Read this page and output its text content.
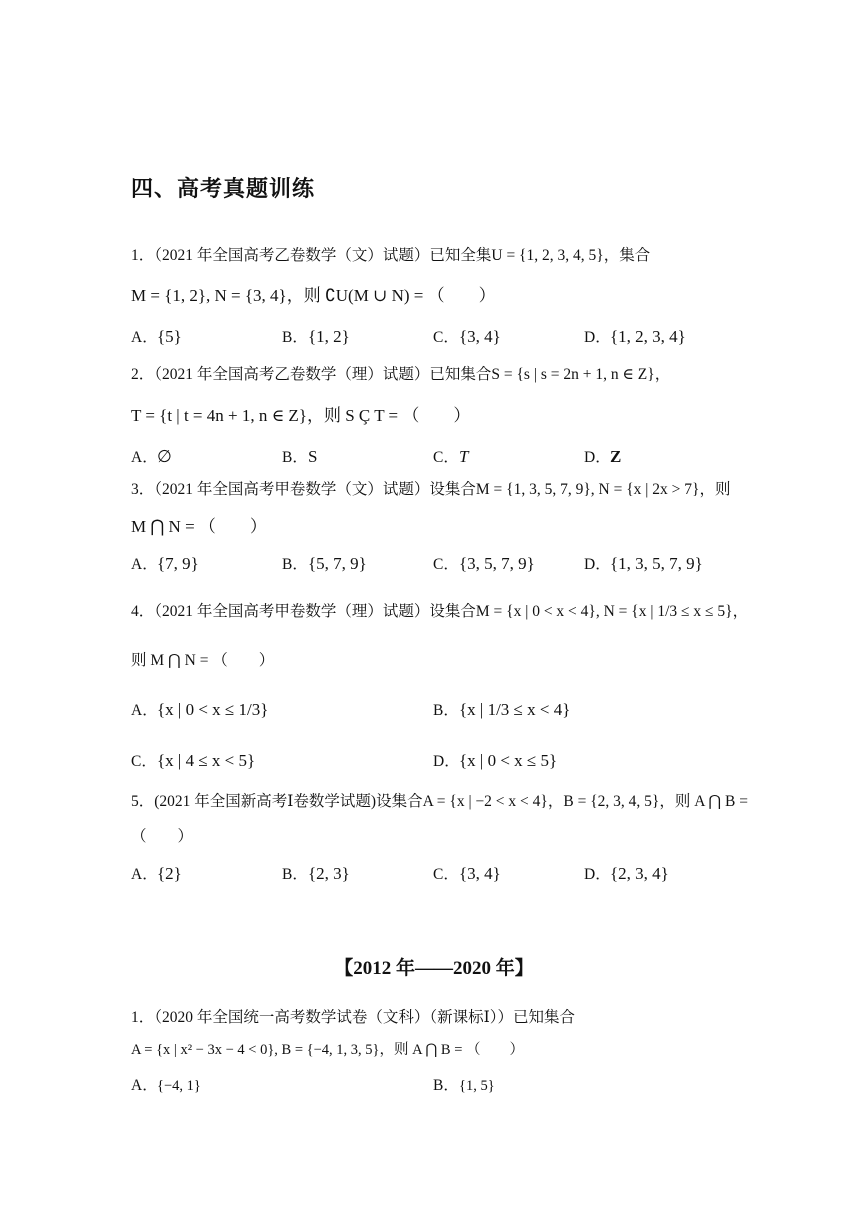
四、高考真题训练
1．（2021 年全国高考乙卷数学（文）试题）已知全集U = {1, 2, 3, 4, 5}，集合
M = {1, 2}, N = {3, 4}，则 ∁U(M ∪ N) = （　　）
A．{5}	B．{1, 2}	C．{3, 4}	D．{1, 2, 3, 4}
2．（2021 年全国高考乙卷数学（理）试题）已知集合S = {s | s = 2n + 1, n ∈ Z}，
T = {t | t = 4n + 1, n ∈ Z}，则 S Ç T = （　　）
A．∅	B．S	C．T	D．Z
3．（2021 年全国高考甲卷数学（文）试题）设集合M = {1, 3, 5, 7, 9}, N = {x | 2x > 7}，则
M ⋂ N = （　　）
A．{7, 9}	B．{5, 7, 9}	C．{3, 5, 7, 9}	D．{1, 3, 5, 7, 9}
4．（2021 年全国高考甲卷数学（理）试题）设集合M = {x | 0 < x < 4}, N = {x | 1/3 ≤ x ≤ 5}，
则 M ⋂ N = （　　）
A．{x | 0 < x ≤ 1/3}	B．{x | 1/3 ≤ x < 4}
C．{x | 4 ≤ x < 5}	D．{x | 0 < x ≤ 5}
5．(2021 年全国新高考Ⅰ卷数学试题)设集合A = {x | −2 < x < 4}，B = {2, 3, 4, 5}，则 A ⋂ B =
（　　）
A．{2}	B．{2, 3}	C．{3, 4}	D．{2, 3, 4}
【2012 年——2020 年】
1．（2020 年全国统一高考数学试卷（文科）（新课标Ⅰ））已知集合
A = {x | x² − 3x − 4 < 0}, B = {−4, 1, 3, 5}，则 A ⋂ B = （　　）
A．{−4, 1}	B．{1, 5}
